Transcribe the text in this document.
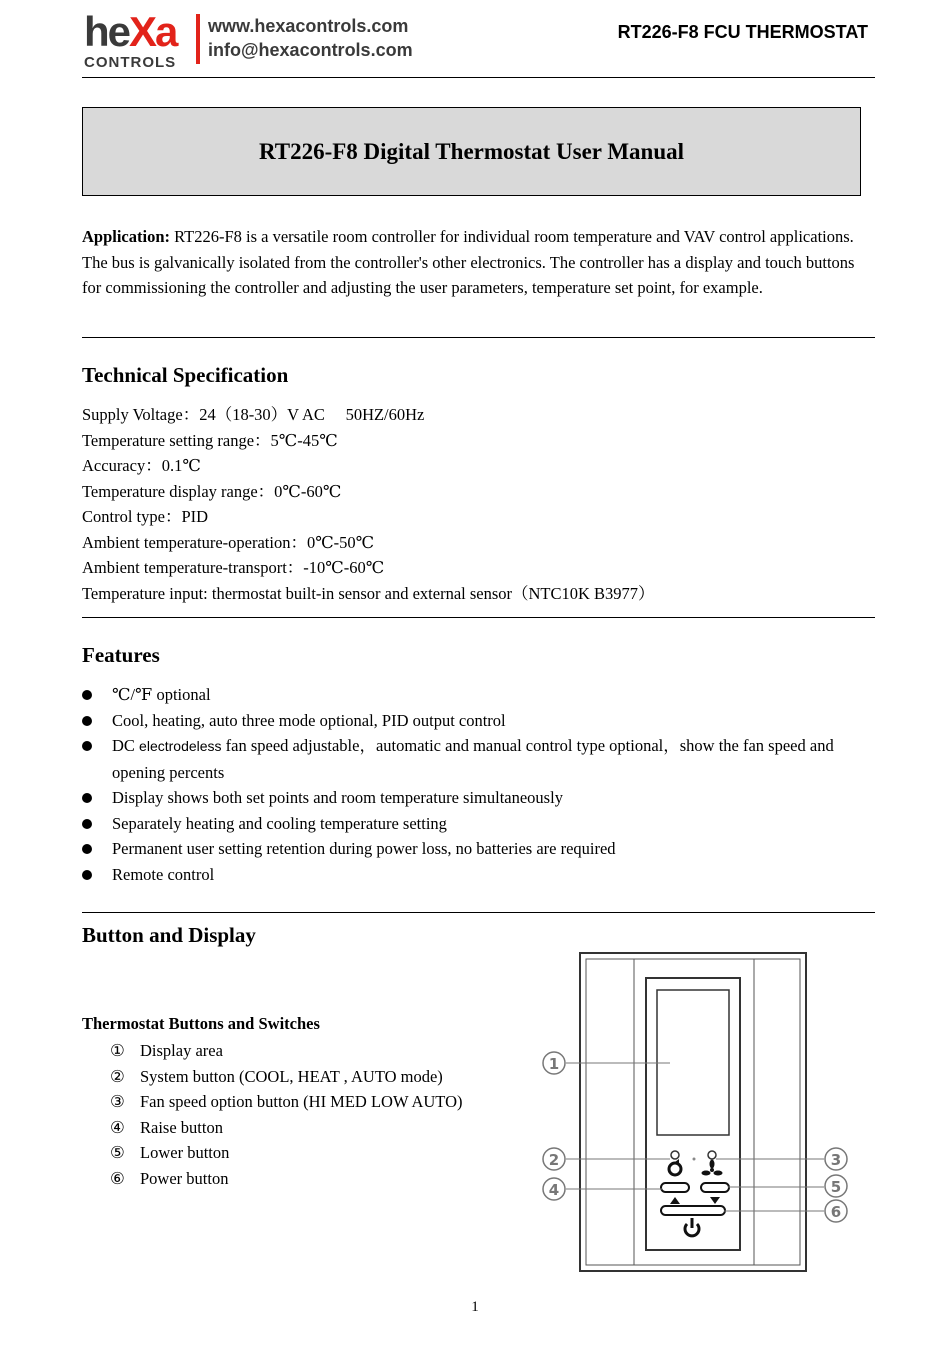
heXa
CONTROLS
www.hexacontrols.com
info@hexacontrols.com
RT226-F8 FCU THERMOSTAT
RT226-F8 Digital Thermostat User Manual
Application: RT226-F8 is a versatile room controller for individual room temperature and VAV control applications. The bus is galvanically isolated from the controller's other electronics. The controller has a display and touch buttons for commissioning the controller and adjusting the user parameters, temperature set point, for example.
Technical Specification
Supply Voltage：24（18-30）V AC     50HZ/60Hz
Temperature setting range：5℃-45℃
Accuracy：0.1℃
Temperature display range：0℃-60℃
Control type：PID
Ambient temperature-operation：0℃-50℃
Ambient temperature-transport：-10℃-60℃
Temperature input: thermostat built-in sensor and external sensor（NTC10K B3977）
Features
℃/℉ optional
Cool, heating, auto three mode optional, PID output control
DC electrodeless fan speed adjustable，automatic and manual control type optional，show the fan speed and opening percents
Display shows both set points and room temperature simultaneously
Separately heating and cooling temperature setting
Permanent user setting retention during power loss, no batteries are required
Remote control
Button and Display
Thermostat Buttons and Switches
① Display area
② System button (COOL, HEAT , AUTO mode)
③ Fan speed option button (HI MED LOW AUTO)
④ Raise button
⑤ Lower button
⑥ Power button
1
2	3
4	5
6
1
